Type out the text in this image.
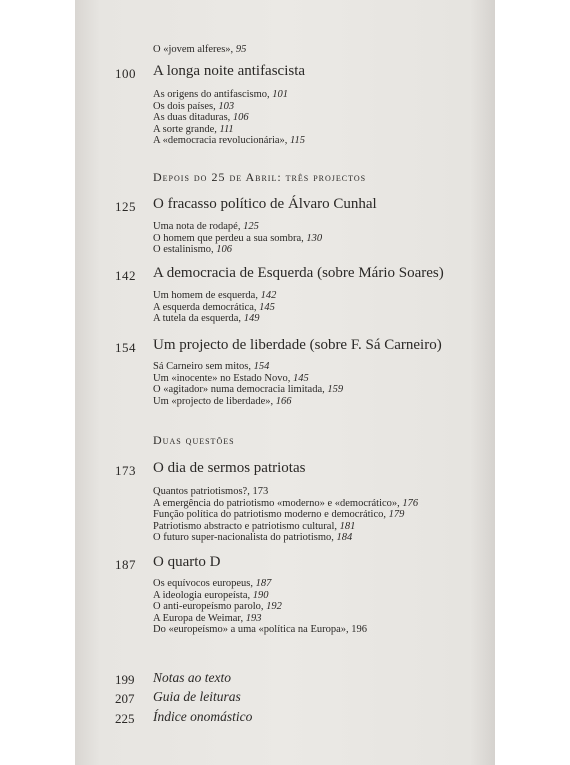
O «jovem alferes», 95
100	A longa noite antifascista
As origens do antifascismo, 101
Os dois países, 103
As duas ditaduras, 106
A sorte grande, 111
A «democracia revolucionária», 115
Depois do 25 de Abril: três projectos
125	O fracasso político de Álvaro Cunhal
Uma nota de rodapé, 125
O homem que perdeu a sua sombra, 130
O estalinismo, 106
142	A democracia de Esquerda (sobre Mário Soares)
Um homem de esquerda, 142
A esquerda democrática, 145
A tutela da esquerda, 149
154	Um projecto de liberdade (sobre F. Sá Carneiro)
Sá Carneiro sem mitos, 154
Um «inocente» no Estado Novo, 145
O «agitador» numa democracia limitada, 159
Um «projecto de liberdade», 166
Duas questões
173	O dia de sermos patriotas
Quantos patriotismos?, 173
A emergência do patriotismo «moderno» e «democrático», 176
Função política do patriotismo moderno e democrático, 179
Patriotismo abstracto e patriotismo cultural, 181
O futuro super-nacionalista do patriotismo, 184
187	O quarto D
Os equívocos europeus, 187
A ideologia europeísta, 190
O anti-europeísmo parolo, 192
A Europa de Weimar, 193
Do «europeísmo» a uma «política na Europa», 196
199 Notas ao texto
207 Guia de leituras
225 Índice onomástico
